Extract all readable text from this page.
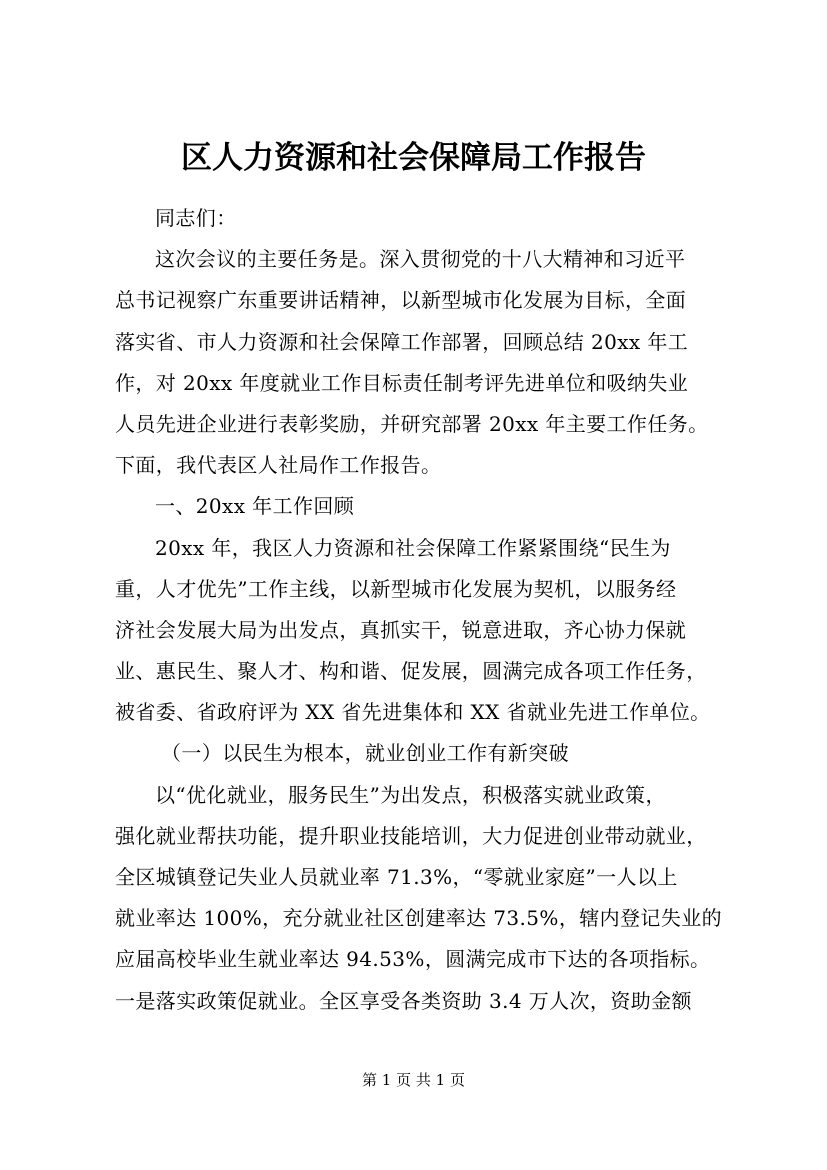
区人力资源和社会保障局工作报告
同志们：
这次会议的主要任务是。深入贯彻党的十八大精神和习近平
总书记视察广东重要讲话精神，以新型城市化发展为目标，全面
落实省、市人力资源和社会保障工作部署，回顾总结 20xx 年工
作，对 20xx 年度就业工作目标责任制考评先进单位和吸纳失业
人员先进企业进行表彰奖励，并研究部署 20xx 年主要工作任务。
下面，我代表区人社局作工作报告。
一、20xx 年工作回顾
20xx 年，我区人力资源和社会保障工作紧紧围绕“民生为
重，人才优先”工作主线，以新型城市化发展为契机，以服务经
济社会发展大局为出发点，真抓实干，锐意进取，齐心协力保就
业、惠民生、聚人才、构和谐、促发展，圆满完成各项工作任务，
被省委、省政府评为 XX 省先进集体和 XX 省就业先进工作单位。
（一）以民生为根本，就业创业工作有新突破
以“优化就业，服务民生”为出发点，积极落实就业政策，
强化就业帮扶功能，提升职业技能培训，大力促进创业带动就业，
全区城镇登记失业人员就业率 71.3%，“零就业家庭”一人以上
就业率达 100%，充分就业社区创建率达 73.5%，辖内登记失业的
应届高校毕业生就业率达 94.53%，圆满完成市下达的各项指标。
一是落实政策促就业。全区享受各类资助 3.4 万人次，资助金额
第 1 页 共 1 页
